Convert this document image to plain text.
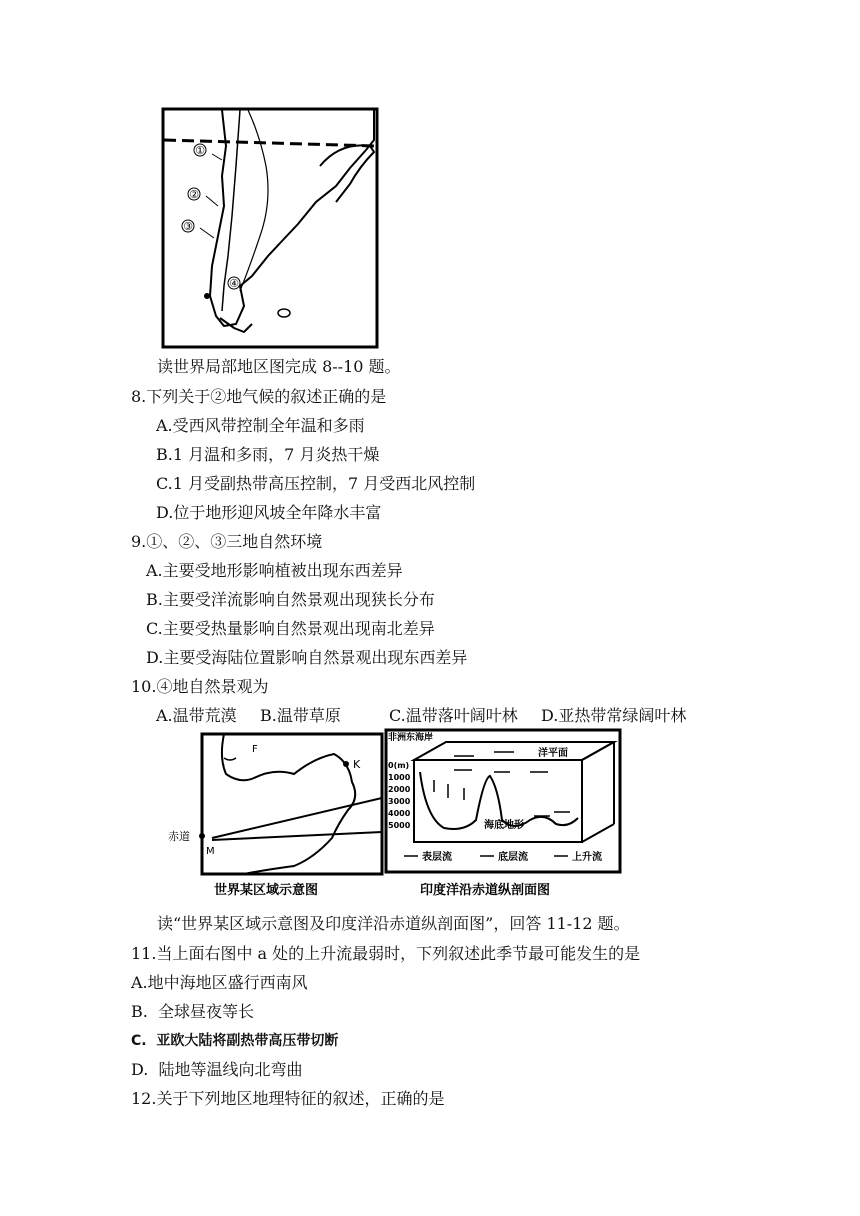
①
②
③
④
读世界局部地区图完成 8--10 题。
8.下列关于②地气候的叙述正确的是
A.受西风带控制全年温和多雨
B.1 月温和多雨，7 月炎热干燥
C.1 月受副热带高压控制，7 月受西北风控制
D.位于地形迎风坡全年降水丰富
9.①、②、③三地自然环境
A.主要受地形影响植被出现东西差异
B.主要受洋流影响自然景观出现狭长分布
C.主要受热量影响自然景观出现南北差异
D.主要受海陆位置影响自然景观出现东西差异
10.④地自然景观为
A.温带荒漠 B.温带草原	C.温带落叶阔叶林 D.亚热带常绿阔叶林
K
F
赤道
M
非洲东海岸
洋平面
0(m)
1000
2000
3000
4000
5000	海底地形
表层流	底层流	上升流
世界某区域示意图	印度洋沿赤道纵剖面图
读“世界某区域示意图及印度洋沿赤道纵剖面图”，回答 11-12 题。
11.当上面右图中 a 处的上升流最弱时，下列叙述此季节最可能发生的是
A.地中海地区盛行西南风
B.  全球昼夜等长
C.  亚欧大陆将副热带高压带切断
D.  陆地等温线向北弯曲
12.关于下列地区地理特征的叙述，正确的是
